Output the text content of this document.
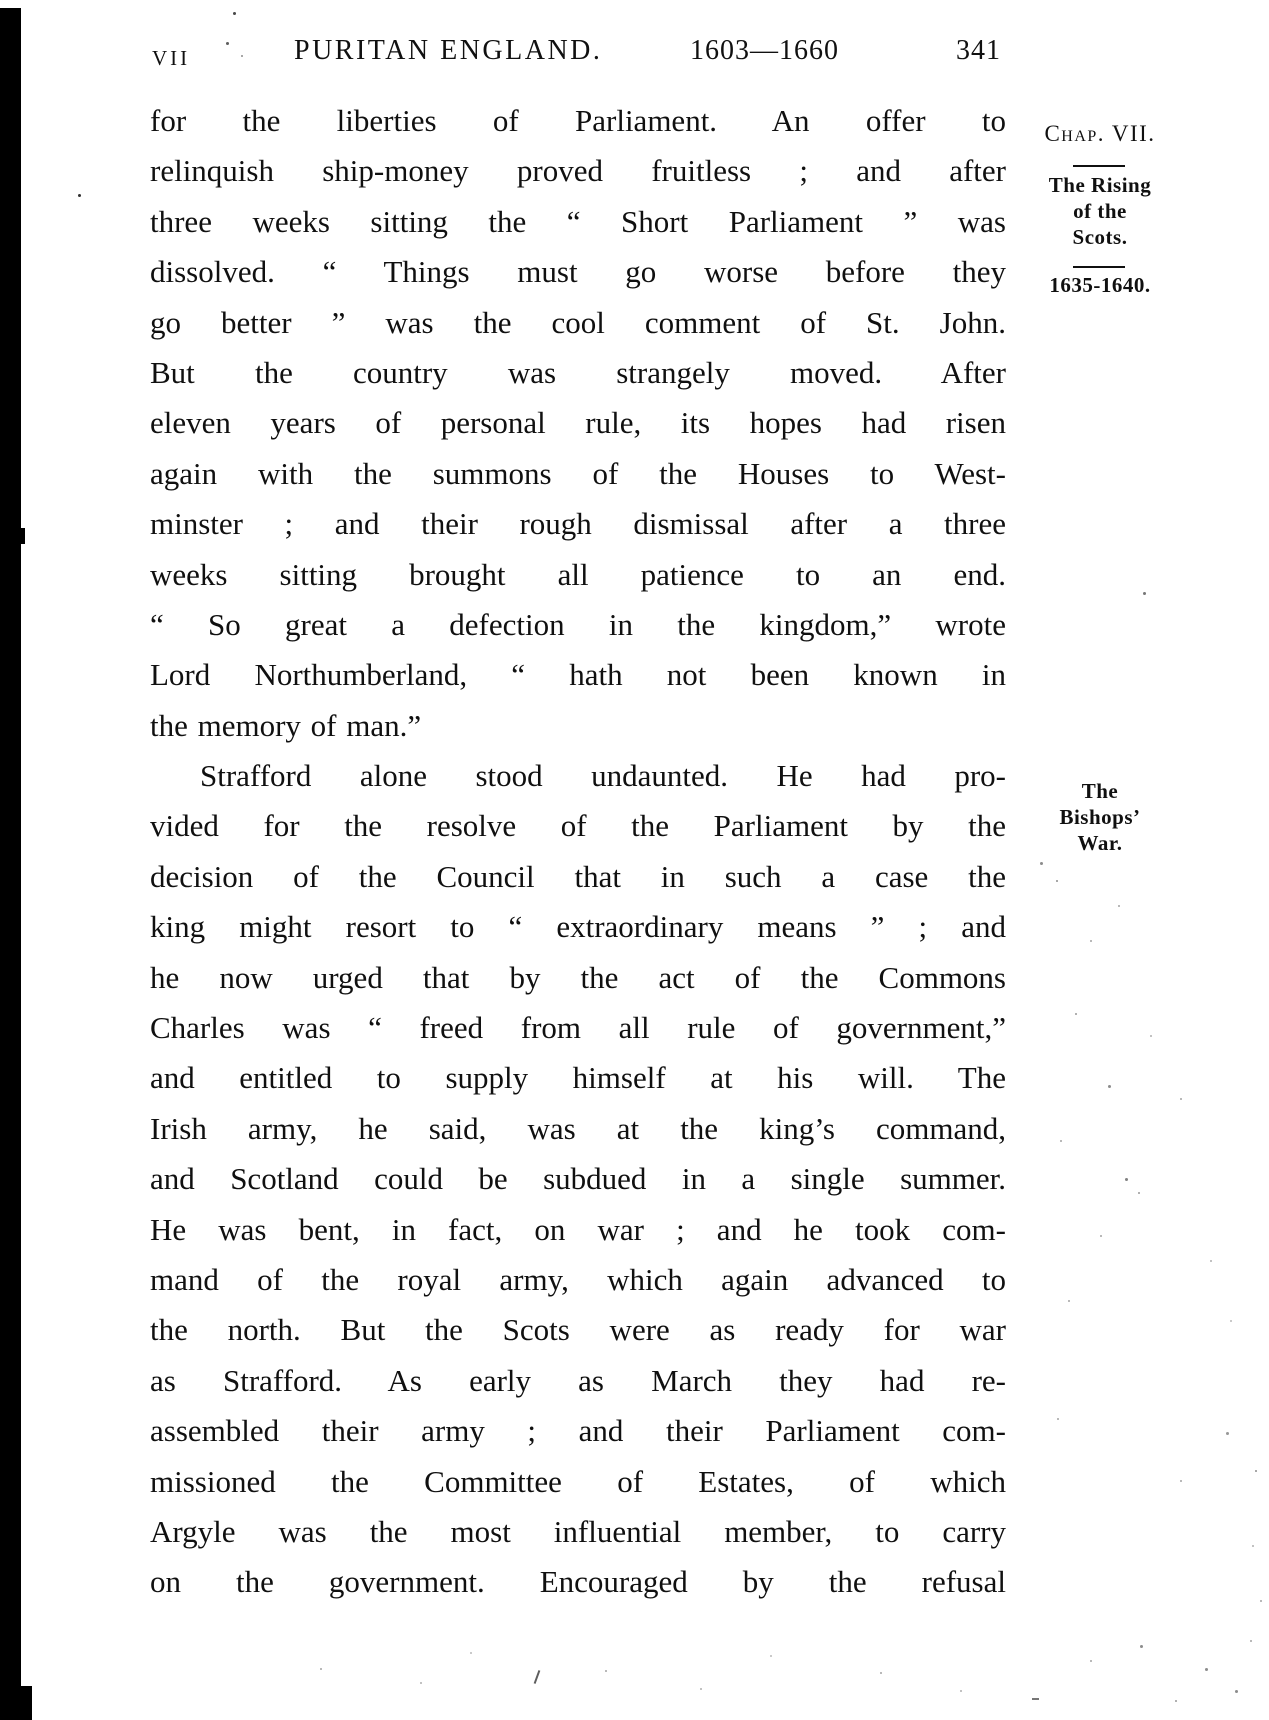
VII	PURITAN ENGLAND.	1603—1660	341
for the liberties of Parliament. An offer to
relinquish ship-money proved fruitless ; and after
three weeks sitting the “ Short Parliament ” was
dissolved. “ Things must go worse before they
go better ” was the cool comment of St. John.
But the country was strangely moved. After
eleven years of personal rule, its hopes had risen
again with the summons of the Houses to West-
minster ; and their rough dismissal after a three
weeks sitting brought all patience to an end.
“ So great a defection in the kingdom,” wrote
Lord Northumberland, “ hath not been known in
the memory of man.”
Strafford alone stood undaunted. He had pro-
vided for the resolve of the Parliament by the
decision of the Council that in such a case the
king might resort to “ extraordinary means ” ; and
he now urged that by the act of the Commons
Charles was “ freed from all rule of government,”
and entitled to supply himself at his will. The
Irish army, he said, was at the king’s command,
and Scotland could be subdued in a single summer.
He was bent, in fact, on war ; and he took com-
mand of the royal army, which again advanced to
the north. But the Scots were as ready for war
as Strafford. As early as March they had re-
assembled their army ; and their Parliament com-
missioned the Committee of Estates, of which
Argyle was the most influential member, to carry
on the government. Encouraged by the refusal
Chap. VII.
The Rising
of the
Scots.
1635-1640.
The
Bishops’
War.
